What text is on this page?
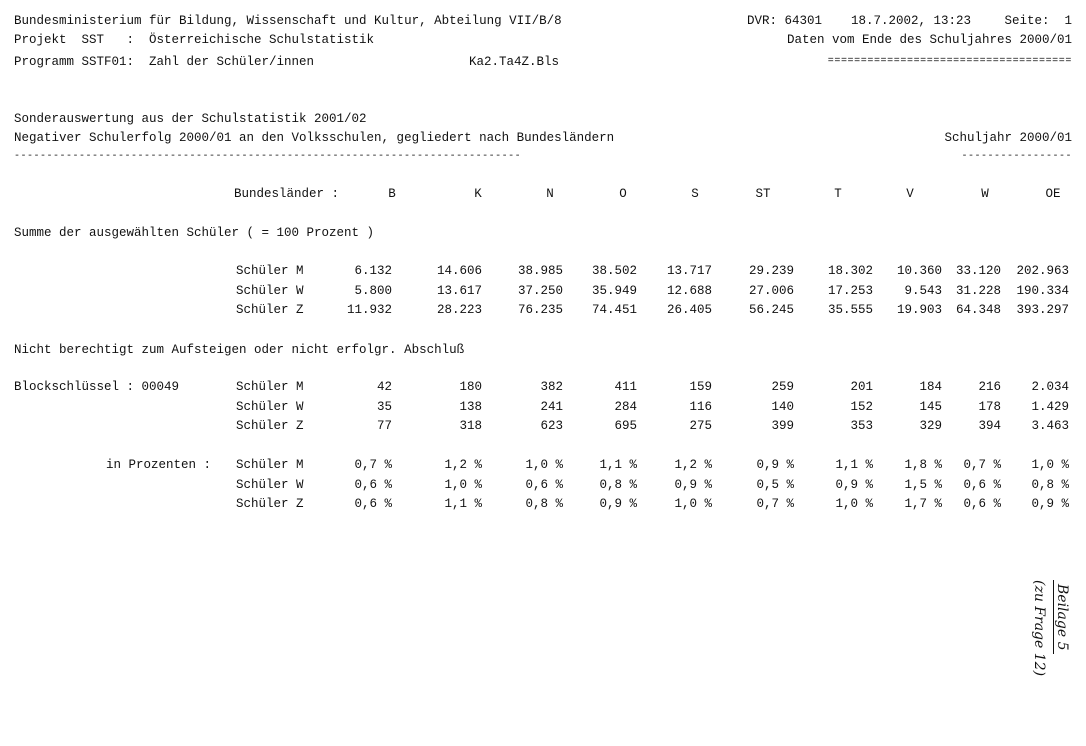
Bundesministerium für Bildung, Wissenschaft und Kultur, Abteilung VII/B/8
Projekt  SST   :  Österreichische Schulstatistik
Programm SSTF01:  Zahl der Schüler/innen	Ka2.Ta4Z.Bls
DVR: 64301 18.7.2002, 13:23	Seite:  1
Daten vom Ende des Schuljahres 2000/01
=====================================
Sonderauswertung aus der Schulstatistik 2001/02
Negativer Schulerfolg 2000/01 an den Volksschulen, gegliedert nach Bundesländern	Schuljahr 2000/01
------------------------------------------------------------------------------	-----------------
Bundesländer :	B	K	N	O	S	ST	T	V	W	OE
Summe der ausgewählten Schüler ( = 100 Prozent )
Schüler M	6.132	14.606	38.985 38.502 13.717	29.239	18.302 10.360 33.120 202.963
Schüler W	5.800	13.617	37.250 35.949 12.688	27.006	17.253	9.543 31.228 190.334
Schüler Z	11.932	28.223	76.235 74.451 26.405	56.245	35.555 19.903 64.348 393.297
Nicht berechtigt zum Aufsteigen oder nicht erfolgr. Abschluß
Blockschlüssel : 00049	Schüler M	42	180	382	411	159	259	201	184	216 2.034
Schüler W	35	138	241	284	116	140	152	145	178 1.429
Schüler Z	77	318	623	695	275	399	353	329	394 3.463
in Prozenten : Schüler M	0,7 %	1,2 %	1,0 %	1,1 %	1,2 %	0,9 %	1,1 %	1,8 % 0,7 % 1,0 %
Schüler W	0,6 %	1,0 %	0,6 %	0,8 %	0,9 %	0,5 %	0,9 %	1,5 % 0,6 % 0,8 %
Schüler Z	0,6 %	1,1 %	0,8 %	0,9 %	1,0 %	0,7 %	1,0 %	1,7 % 0,6 % 0,9 %
Beilage 5
(zu Frage 12)
